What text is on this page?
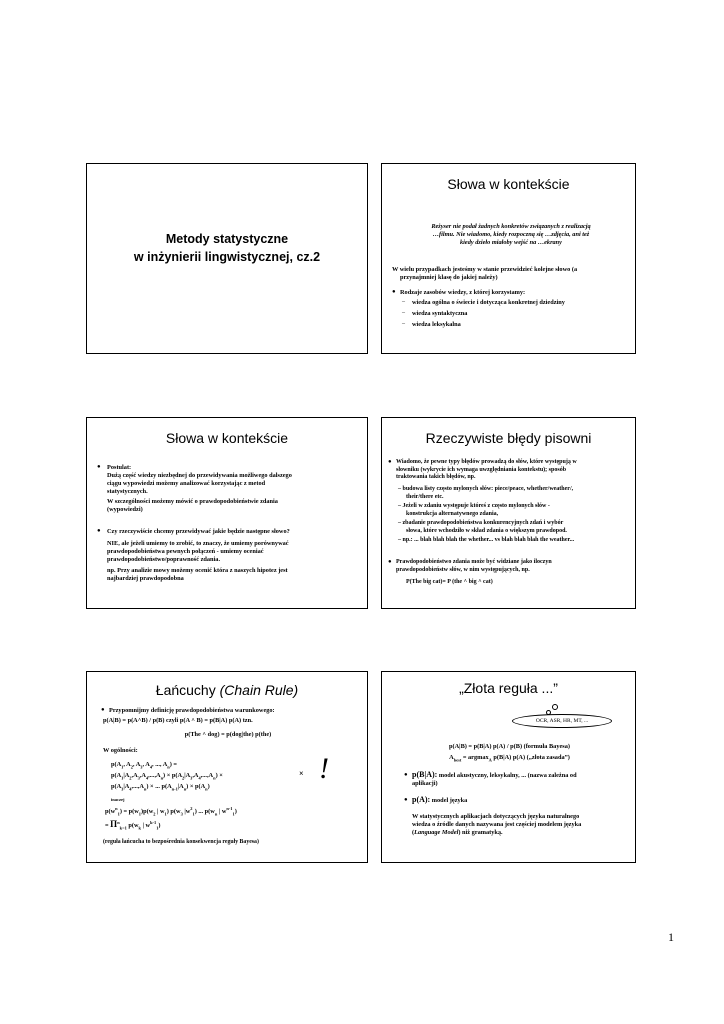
Metody statystyczne
w inżynierii lingwistycznej, cz.2
Słowa w kontekście
Reżyser nie podał żadnych konkretów związanych z realizacją
…filmu. Nie wiadomo, kiedy rozpoczną się …zdjęcia, ani też
kiedy dzieło miałoby wejść na …ekrany
W wielu przypadkach jesteśmy w stanie przewidzieć kolejne słowo (a
przynajmniej klasę do jakiej należy)
● Rodzaje zasobów wiedzy, z której korzystamy:
– wiedza ogólna o świecie i dotycząca konkretnej dziedziny
– wiedza syntaktyczna
– wiedza leksykalna
Słowa w kontekście
● Postulat:
Dużą część wiedzy niezbędnej do przewidywania możliwego dalszego
ciągu wypowiedzi możemy analizować korzystając z metod
statystycznych.
W szczególności możemy mówić o prawdopodobieństwie zdania
(wypowiedzi)
● Czy rzeczywiście chcemy przewidywać jakie będzie następne słowo?
NIE, ale jeżeli umiemy to zrobić, to znaczy, że umiemy porównywać
prawdopodobieństwa pewnych połączeń - umiemy oceniać
prawdopodobieństwo/poprawność zdania.
np. Przy analizie mowy możemy ocenić która z naszych hipotez jest
najbardziej prawdopodobna
Rzeczywiste błędy pisowni
● Wiadomo, że pewne typy błędów prowadzą do słów, które występują w
słowniku (wykrycie ich wymaga uwzględniania kontekstu); sposób
traktowania takich błędów, np.
– budowa listy często mylonych słów: piece/peace, whether/weather/,
their/there etc.
– Jeżeli w zdaniu występuje któreś z często mylonych słów -
konstrukcja alternatywnego zdania,
– zbadanie prawdopodobieństwa konkurencyjnych zdań i wybór
słowa, które wchodziło w skład zdania o większym prawdopod.
– np.: ... blah blah blah the whether... vs blah blah blah the weather...
● Prawdopodobieństwo zdania może być widziane jako iloczyn
prawdopodobieństw słów, w nim występujących, np.
P(The big cat)= P (the ^ big ^ cat)
Łańcuchy (Chain Rule)
● Przypomnijmy definicję prawdopodobieństwa warunkowego:
p(A|B) = p(A^B) / p(B) czyli p(A ^ B) = p(B|A) p(A) tzn.
p(The ^ dog) = p(dog|the) p(the)
W ogólności:
$p(A_1$, $A_2$, $A_3$, $A_4$, ..., $A_n$) =
$p(A_1|A_2,A_3,A_4,...,A_n) \times p(A_2|A_3,A_4,...,A_n)$ ×
$p(A_3|A_4,...,A_n)$ × ... $p(A_{n-1}|A_n) \times p(A_n)$
× !
inaczej
$p(w^n_1) = p(w_1)p(w_2$ | $w_1$) $p(w_3$ $|w^2_1$) ... $p(w_n$ | $w^{n-1}_1$)
= $\Pi^n_{k=1}$ $p(w_k$ | $w^{k-1}_1$)
(reguła łańcucha to bezpośrednia konsekwencja reguły Bayesa)
„Złota reguła ...”
OCR, ASR, HR, MT, ...
p(A|B) = p(B|A) p(A) / p(B) (formuła Bayesa)
$A_{best} = argmax_A$ p(B|A) p(A) („złota zasada”)
● p(B|A): model akustyczny, leksykalny, ... (nazwa zależna od
aplikacji)
● p(A): model języka
W statystycznych aplikacjach dotyczących języka naturalnego
wiedza o źródle danych nazywana jest częściej modelem języka
(Language Model) niż gramatyką.
1
